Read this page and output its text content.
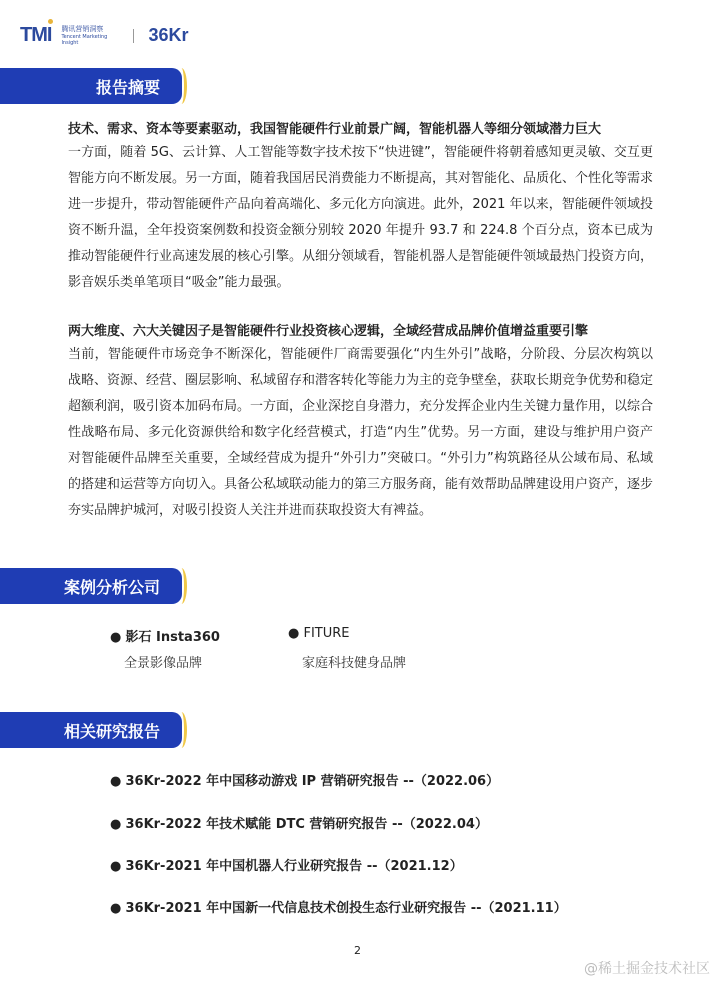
TMI 腾讯营销洞察
Tencent Marketing Insight	36Kr
报告摘要
技术、需求、资本等要素驱动，我国智能硬件行业前景广阔，智能机器人等细分领域潜力巨大
一方面，随着 5G、云计算、人工智能等数字技术按下“快进键”，智能硬件将朝着感知更灵敏、交互更智能方向不断发展。另一方面，随着我国居民消费能力不断提高，其对智能化、品质化、个性化等需求进一步提升，带动智能硬件产品向着高端化、多元化方向演进。此外，2021 年以来，智能硬件领域投资不断升温，全年投资案例数和投资金额分别较 2020 年提升 93.7 和 224.8 个百分点，资本已成为推动智能硬件行业高速发展的核心引擎。从细分领域看，智能机器人是智能硬件领域最热门投资方向，影音娱乐类单笔项目“吸金”能力最强。
两大维度、六大关键因子是智能硬件行业投资核心逻辑，全域经营成品牌价值增益重要引擎
当前，智能硬件市场竞争不断深化，智能硬件厂商需要强化“内生外引”战略，分阶段、分层次构筑以战略、资源、经营、圈层影响、私域留存和潜客转化等能力为主的竞争壁垒，获取长期竞争优势和稳定超额利润，吸引资本加码布局。一方面，企业深挖自身潜力，充分发挥企业内生关键力量作用，以综合性战略布局、多元化资源供给和数字化经营模式，打造“内生”优势。另一方面，建设与维护用户资产对智能硬件品牌至关重要，全域经营成为提升“外引力”突破口。“外引力”构筑路径从公域布局、私域的搭建和运营等方向切入。具备公私域联动能力的第三方服务商，能有效帮助品牌建设用户资产，逐步夯实品牌护城河，对吸引投资人关注并进而获取投资大有裨益。
案例分析公司
● 影石 Insta360
全景影像品牌
● FITURE
家庭科技健身品牌
相关研究报告
● 36Kr-2022 年中国移动游戏 IP 营销研究报告 --（2022.06）
● 36Kr-2022 年技术赋能 DTC 营销研究报告 --（2022.04）
● 36Kr-2021 年中国机器人行业研究报告 --（2021.12）
● 36Kr-2021 年中国新一代信息技术创投生态行业研究报告 --（2021.11）
2
@稀土掘金技术社区
